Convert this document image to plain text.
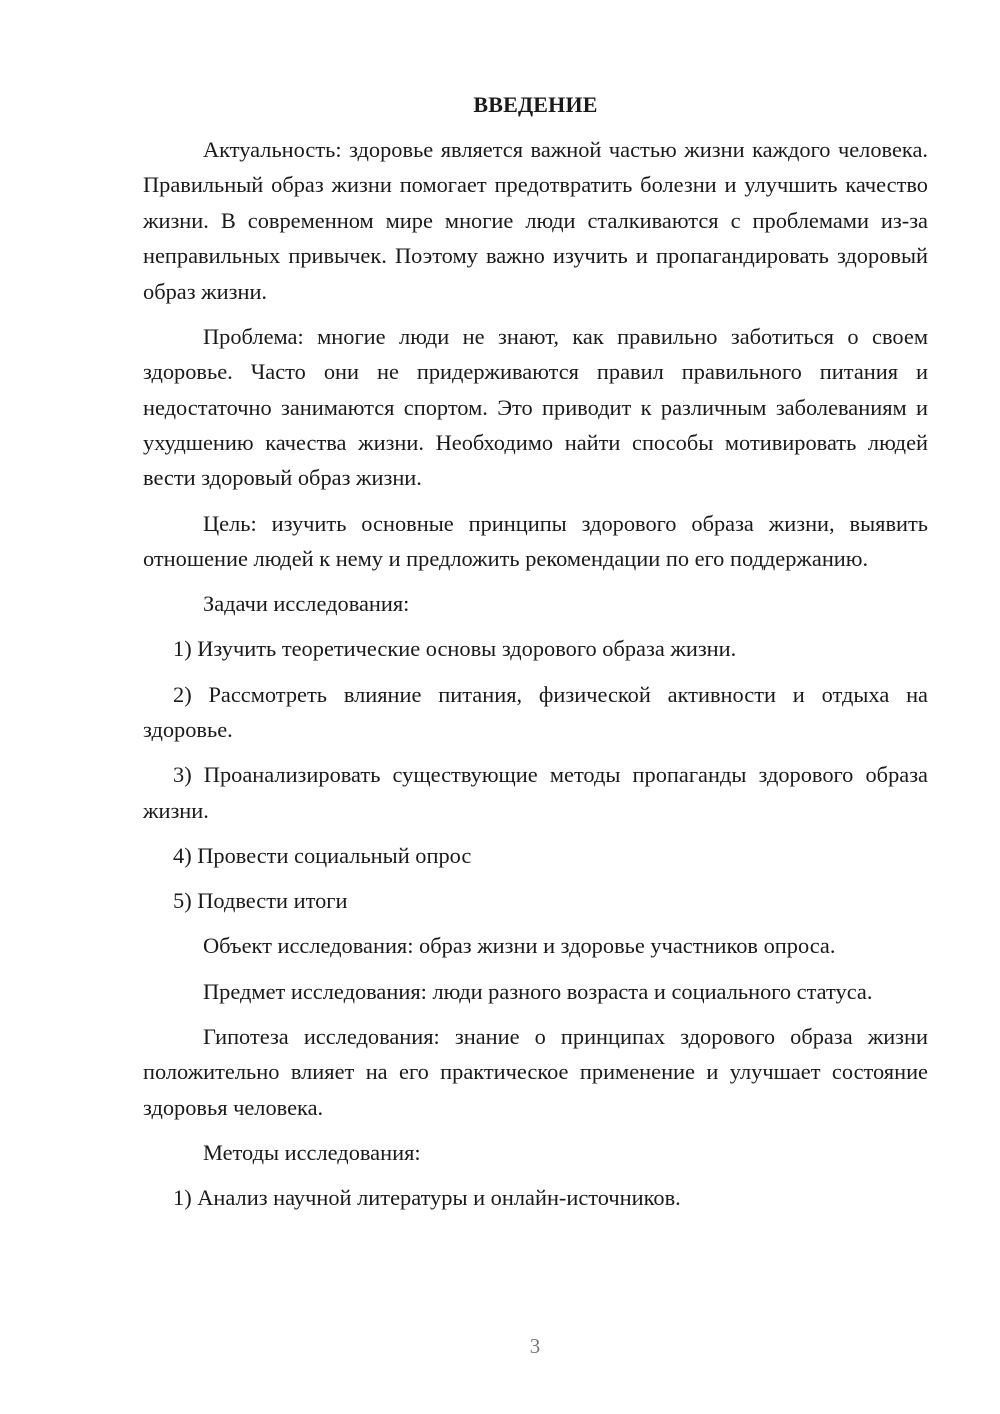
ВВЕДЕНИЕ

Актуальность: здоровье является важной частью жизни каждого человека. Правильный образ жизни помогает предотвратить болезни и улучшить качество жизни. В современном мире многие люди сталкиваются с проблемами из-за неправильных привычек. Поэтому важно изучить и пропагандировать здоровый образ жизни.

Проблема: многие люди не знают, как правильно заботиться о своем здоровье. Часто они не придерживаются правил правильного питания и недостаточно занимаются спортом. Это приводит к различным заболеваниям и ухудшению качества жизни. Необходимо найти способы мотивировать людей вести здоровый образ жизни.

Цель: изучить основные принципы здорового образа жизни, выявить отношение людей к нему и предложить рекомендации по его поддержанию.

Задачи исследования:

1) Изучить теоретические основы здорового образа жизни.

2) Рассмотреть влияние питания, физической активности и отдыха на здоровье.

3) Проанализировать существующие методы пропаганды здорового образа жизни.

4) Провести социальный опрос

5) Подвести итоги

Объект исследования: образ жизни и здоровье участников опроса.

Предмет исследования: люди разного возраста и социального статуса.

Гипотеза исследования: знание о принципах здорового образа жизни положительно влияет на его практическое применение и улучшает состояние здоровья человека.

Методы исследования:

1) Анализ научной литературы и онлайн-источников.

3
